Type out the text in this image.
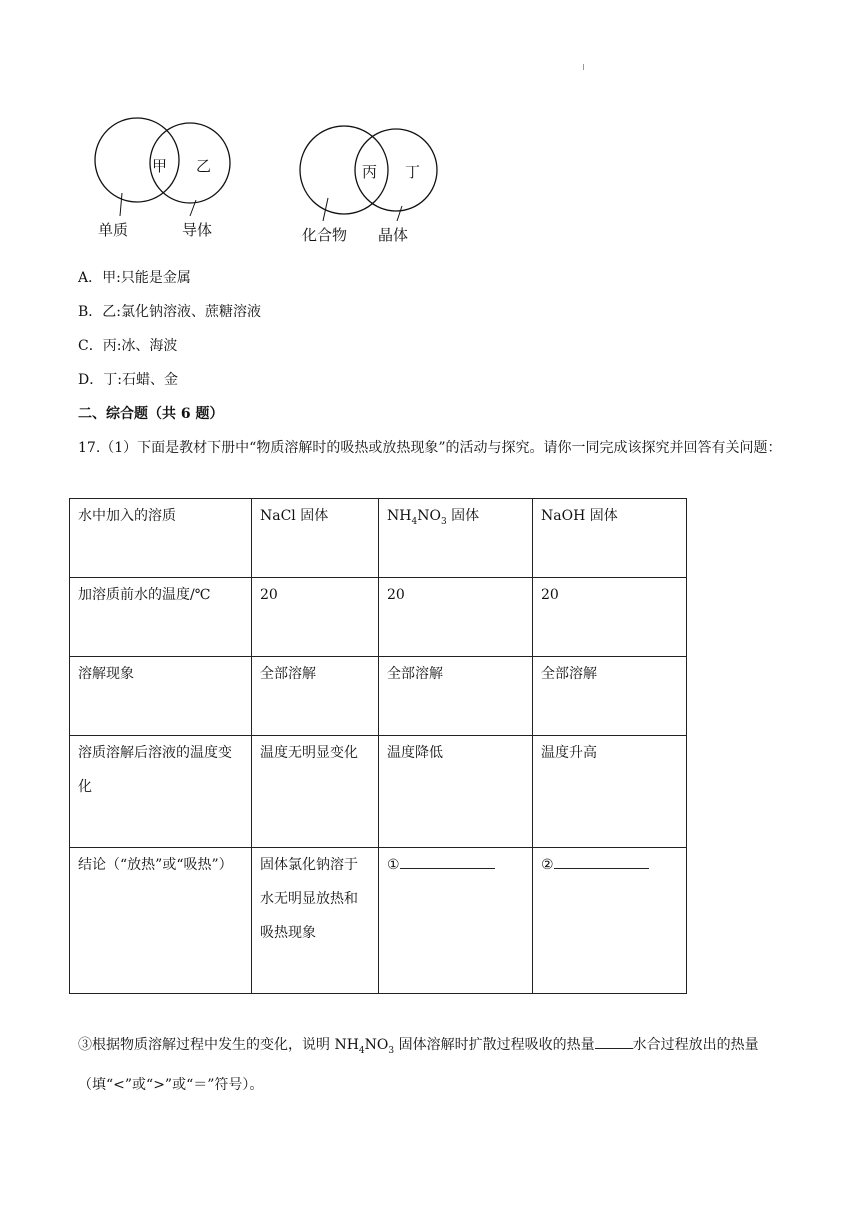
甲 乙
单质	导体
丙 丁
化合物 晶体
A．甲:只能是金属
B．乙:氯化钠溶液、蔗糖溶液
C．丙:冰、海波
D．丁:石蜡、金
二、综合题（共 6 题）
17.（1）下面是教材下册中“物质溶解时的吸热或放热现象”的活动与探究。请你一同完成该探究并回答有关问题：
水中加入的溶质	NaCl 固体	$NH_4NO_3$ 固体	NaOH 固体
加溶质前水的温度/℃	20	20	20
溶解现象	全部溶解	全部溶解	全部溶解
溶质溶解后溶液的温度变化	温度无明显变化	温度降低	温度升高
结论（“放热”或“吸热”）	固体氯化钠溶于水无明显放热和吸热现象	①	②
③根据物质溶解过程中发生的变化，说明 $NH_4NO_3$ 固体溶解时扩散过程吸收的热量	水合过程放出的热量（填“<”或“>”或“＝”符号）。
